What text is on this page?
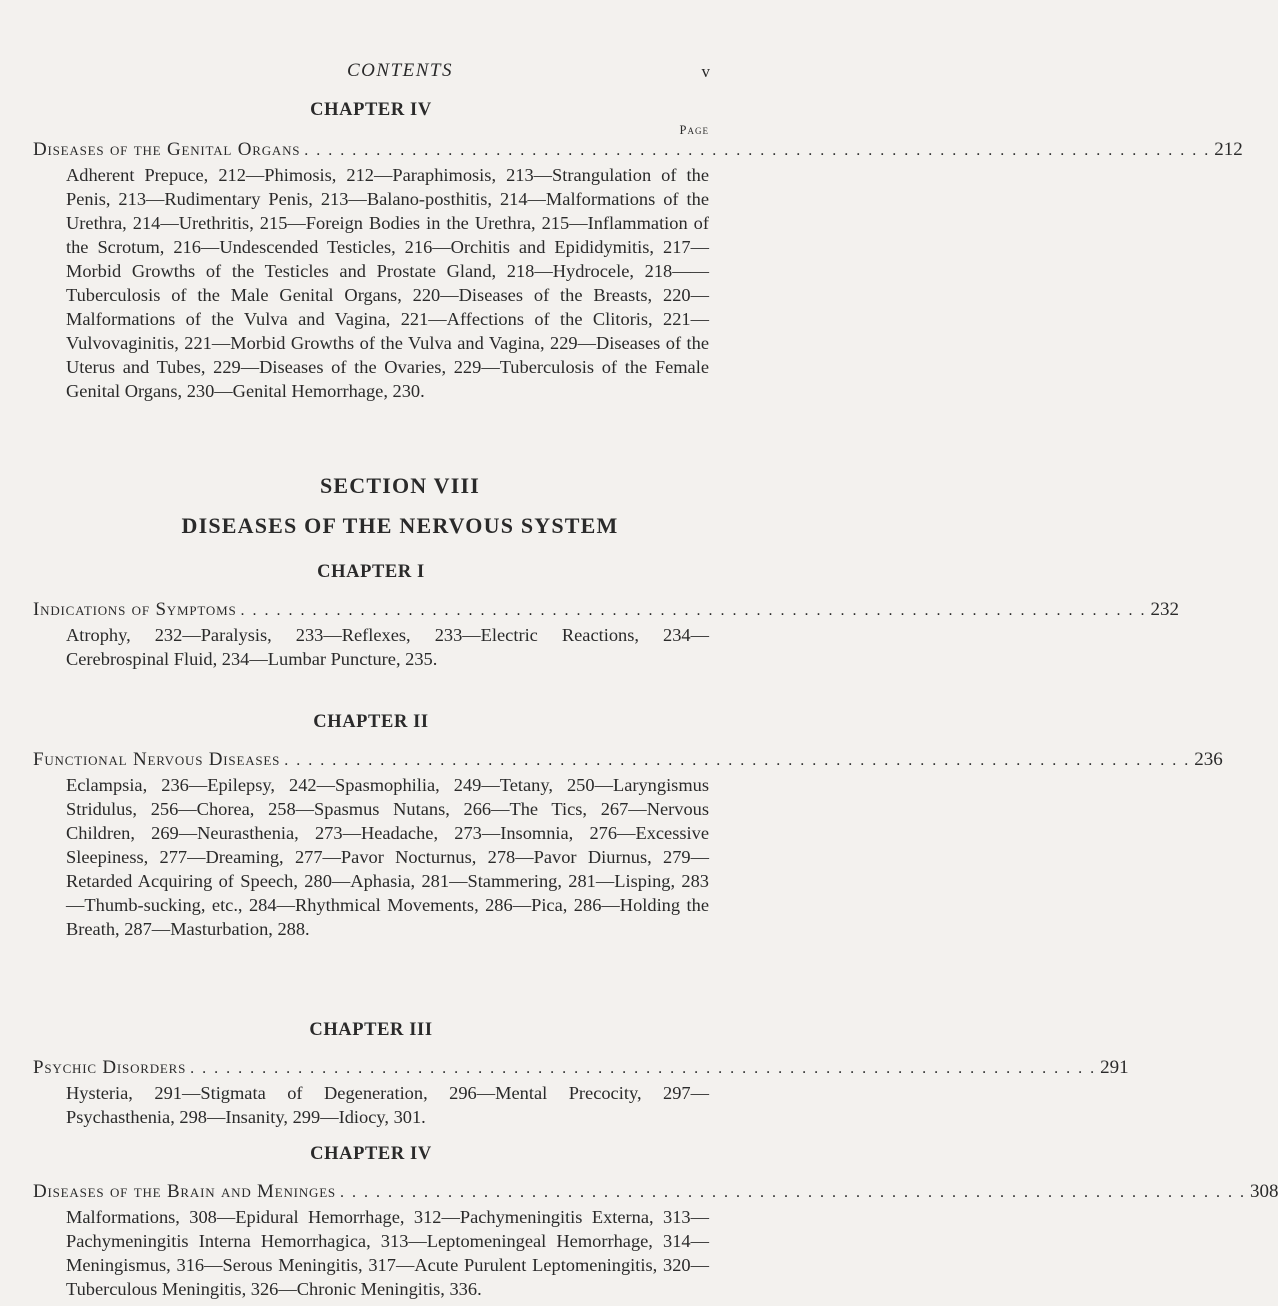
CONTENTS	v
CHAPTER IV
Page
Diseases of the Genital Organs . . . . . . . . . . . . . . . . . . . . . . . . . . . . . . . . . . . . . . . . . . . . . . . . . . . . . . . . . . . . . . . . . . . . . . . . . . . . 212

Adherent Prepuce, 212—Phimosis, 212—Paraphimosis, 213—Strangulation of the Penis, 213—Rudimentary Penis, 213—Balano-posthitis, 214—Malformations of the Urethra, 214—Urethritis, 215—Foreign Bodies in the Urethra, 215—Inflammation of the Scrotum, 216—Undescended Testicles, 216—Orchitis and Epididymitis, 217—Morbid Growths of the Testicles and Prostate Gland, 218—Hydrocele, 218——Tuberculosis of the Male Genital Organs, 220—Diseases of the Breasts, 220—Malformations of the Vulva and Vagina, 221—Affections of the Clitoris, 221—Vulvovaginitis, 221—Morbid Growths of the Vulva and Vagina, 229—Diseases of the Uterus and Tubes, 229—Diseases of the Ovaries, 229—Tuberculosis of the Female Genital Organs, 230—Genital Hemorrhage, 230.

SECTION VIII
DISEASES OF THE NERVOUS SYSTEM
CHAPTER I
Indications of Symptoms . . . . . . . . . . . . . . . . . . . . . . . . . . . . . . . . . . . . . . . . . . . . . . . . . . . . . . . . . . . . . . . . . . . . . . . . . . . . 232

Atrophy, 232—Paralysis, 233—Reflexes, 233—Electric Reactions, 234—Cerebrospinal Fluid, 234—Lumbar Puncture, 235.

CHAPTER II
Functional Nervous Diseases . . . . . . . . . . . . . . . . . . . . . . . . . . . . . . . . . . . . . . . . . . . . . . . . . . . . . . . . . . . . . . . . . . . . . . . . . . . . 236

Eclampsia, 236—Epilepsy, 242—Spasmophilia, 249—Tetany, 250—Laryngismus Stridulus, 256—Chorea, 258—Spasmus Nutans, 266—The Tics, 267—Nervous Children, 269—Neurasthenia, 273—Headache, 273—Insomnia, 276—Excessive Sleepiness, 277—Dreaming, 277—Pavor Nocturnus, 278—Pavor Diurnus, 279—Retarded Acquiring of Speech, 280—Aphasia, 281—Stammering, 281—Lisping, 283—Thumb-sucking, etc., 284—Rhythmical Movements, 286—Pica, 286—Holding the Breath, 287—Masturbation, 288.

CHAPTER III
Psychic Disorders . . . . . . . . . . . . . . . . . . . . . . . . . . . . . . . . . . . . . . . . . . . . . . . . . . . . . . . . . . . . . . . . . . . . . . . . . . . . 291

Hysteria, 291—Stigmata of Degeneration, 296—Mental Precocity, 297—Psychasthenia, 298—Insanity, 299—Idiocy, 301.

CHAPTER IV
Diseases of the Brain and Meninges . . . . . . . . . . . . . . . . . . . . . . . . . . . . . . . . . . . . . . . . . . . . . . . . . . . . . . . . . . . . . . . . . . . . . . . . . . . . 308

Malformations, 308—Epidural Hemorrhage, 312—Pachymeningitis Externa, 313—Pachymeningitis Interna Hemorrhagica, 313—Leptomeningeal Hemorrhage, 314—Meningismus, 316—Serous Meningitis, 317—Acute Purulent Leptomeningitis, 320—Tuberculous Meningitis, 326—Chronic Meningitis, 336.
